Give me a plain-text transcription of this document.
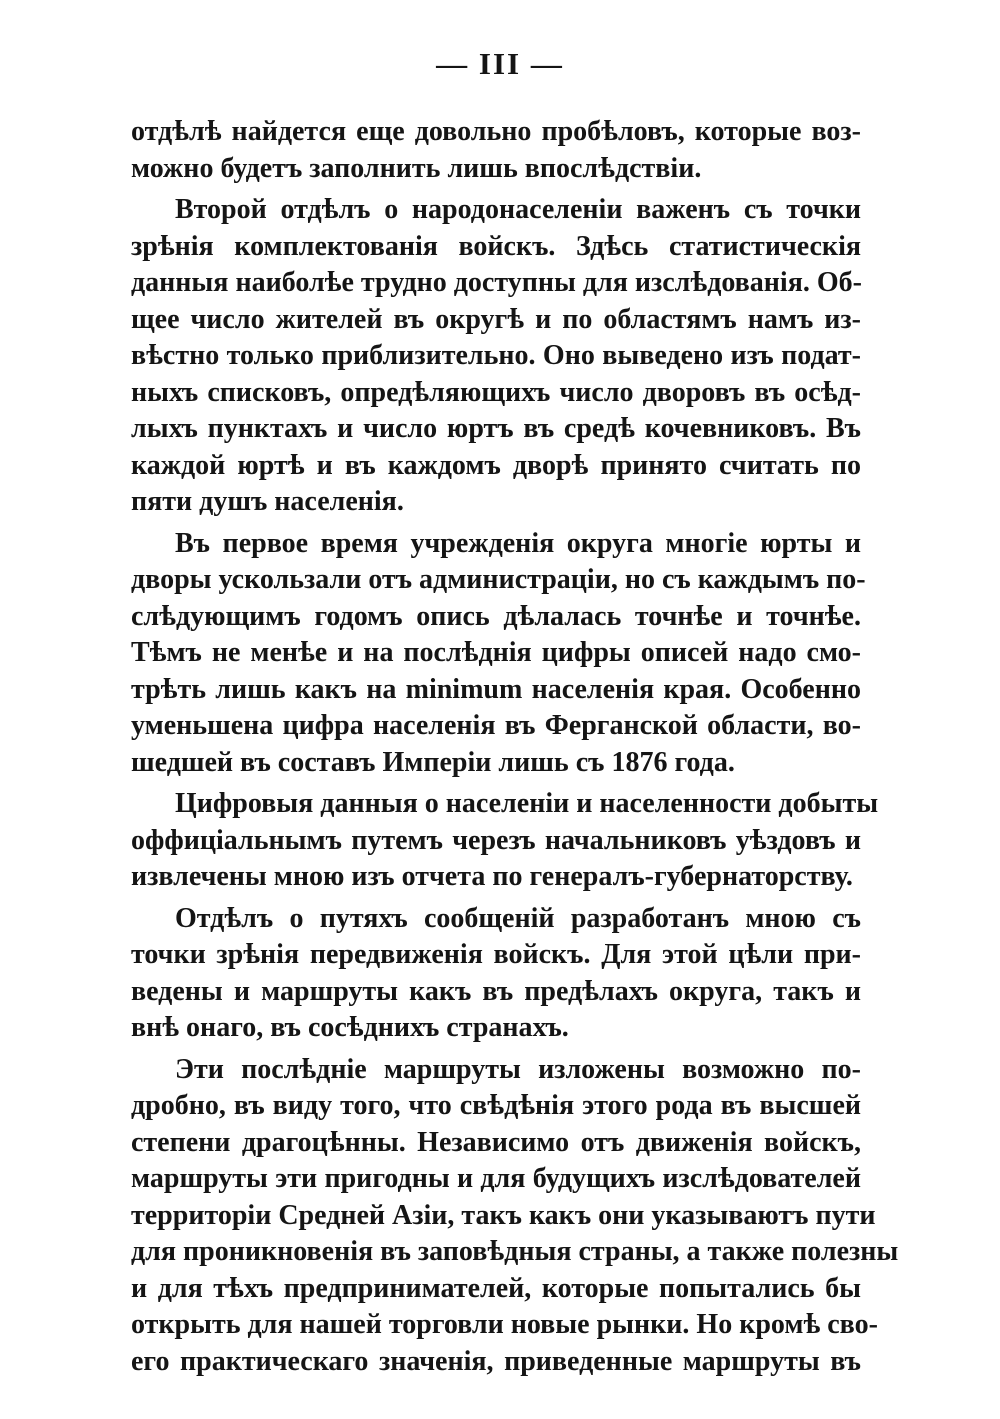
— III —

отдѣлѣ найдется еще довольно пробѣловъ, которые воз-
можно будетъ заполнить лишь впослѣдствіи.

Второй отдѣлъ о народонаселеніи важенъ съ точки
зрѣнія комплектованія войскъ. Здѣсь статистическія
данныя наиболѣе трудно доступны для изслѣдованія. Об-
щее число жителей въ округѣ и по областямъ намъ из-
вѣстно только приблизительно. Оно выведено изъ подат-
ныхъ списковъ, опредѣляющихъ число дворовъ въ осѣд-
лыхъ пунктахъ и число юртъ въ средѣ кочевниковъ. Въ
каждой юртѣ и въ каждомъ дворѣ принято считать по
пяти душъ населенія.

Въ первое время учрежденія округа многіе юрты и
дворы ускользали отъ администраціи, но съ каждымъ по-
слѣдующимъ годомъ опись дѣлалась точнѣе и точнѣе.
Тѣмъ не менѣе и на послѣднія цифры описей надо смо-
трѣть лишь какъ на minimum населенія края. Особенно
уменьшена цифра населенія въ Ферганской области, во-
шедшей въ составъ Имперіи лишь съ 1876 года.

Цифровыя данныя о населеніи и населенности добыты
оффиціальнымъ путемъ черезъ начальниковъ уѣздовъ и
извлечены мною изъ отчета по генералъ-губернаторству.

Отдѣлъ о путяхъ сообщеній разработанъ мною съ
точки зрѣнія передвиженія войскъ. Для этой цѣли при-
ведены и маршруты какъ въ предѣлахъ округа, такъ и
внѣ онаго, въ сосѣднихъ странахъ.

Эти послѣдніе маршруты изложены возможно по-
дробно, въ виду того, что свѣдѣнія этого рода въ высшей
степени драгоцѣнны. Независимо отъ движенія войскъ,
маршруты эти пригодны и для будущихъ изслѣдователей
территоріи Средней Азіи, такъ какъ они указываютъ пути
для проникновенія въ заповѣдныя страны, а также полезны
и для тѣхъ предпринимателей, которые попытались бы
открыть для нашей торговли новые рынки. Но кромѣ сво-
его практическаго значенія, приведенные маршруты въ
